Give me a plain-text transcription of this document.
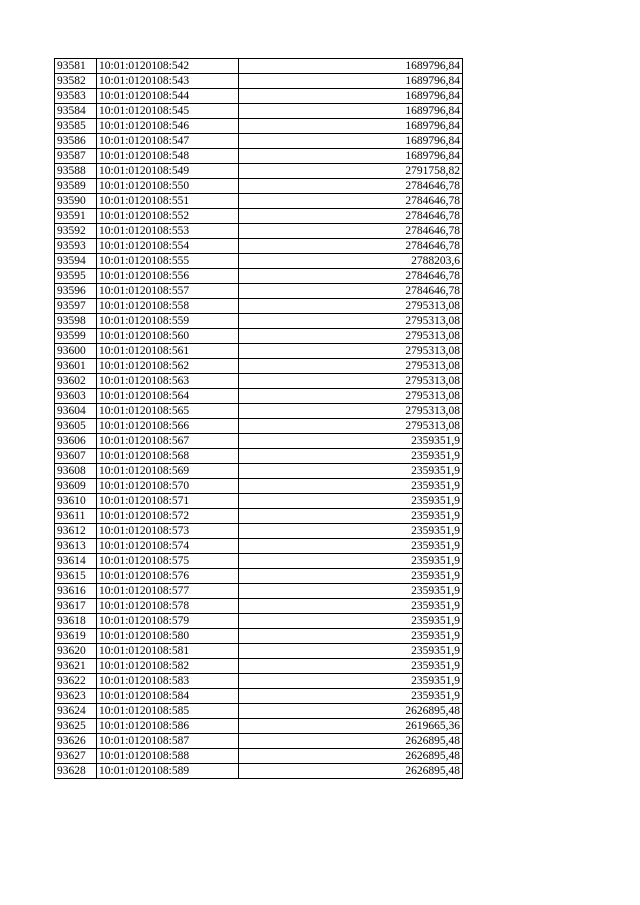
93581	10:01:0120108:542	1689796,84
93582	10:01:0120108:543	1689796,84
93583	10:01:0120108:544	1689796,84
93584	10:01:0120108:545	1689796,84
93585	10:01:0120108:546	1689796,84
93586	10:01:0120108:547	1689796,84
93587	10:01:0120108:548	1689796,84
93588	10:01:0120108:549	2791758,82
93589	10:01:0120108:550	2784646,78
93590	10:01:0120108:551	2784646,78
93591	10:01:0120108:552	2784646,78
93592	10:01:0120108:553	2784646,78
93593	10:01:0120108:554	2784646,78
93594	10:01:0120108:555	2788203,6
93595	10:01:0120108:556	2784646,78
93596	10:01:0120108:557	2784646,78
93597	10:01:0120108:558	2795313,08
93598	10:01:0120108:559	2795313,08
93599	10:01:0120108:560	2795313,08
93600	10:01:0120108:561	2795313,08
93601	10:01:0120108:562	2795313,08
93602	10:01:0120108:563	2795313,08
93603	10:01:0120108:564	2795313,08
93604	10:01:0120108:565	2795313,08
93605	10:01:0120108:566	2795313,08
93606	10:01:0120108:567	2359351,9
93607	10:01:0120108:568	2359351,9
93608	10:01:0120108:569	2359351,9
93609	10:01:0120108:570	2359351,9
93610	10:01:0120108:571	2359351,9
93611	10:01:0120108:572	2359351,9
93612	10:01:0120108:573	2359351,9
93613	10:01:0120108:574	2359351,9
93614	10:01:0120108:575	2359351,9
93615	10:01:0120108:576	2359351,9
93616	10:01:0120108:577	2359351,9
93617	10:01:0120108:578	2359351,9
93618	10:01:0120108:579	2359351,9
93619	10:01:0120108:580	2359351,9
93620	10:01:0120108:581	2359351,9
93621	10:01:0120108:582	2359351,9
93622	10:01:0120108:583	2359351,9
93623	10:01:0120108:584	2359351,9
93624	10:01:0120108:585	2626895,48
93625	10:01:0120108:586	2619665,36
93626	10:01:0120108:587	2626895,48
93627	10:01:0120108:588	2626895,48
93628	10:01:0120108:589	2626895,48
